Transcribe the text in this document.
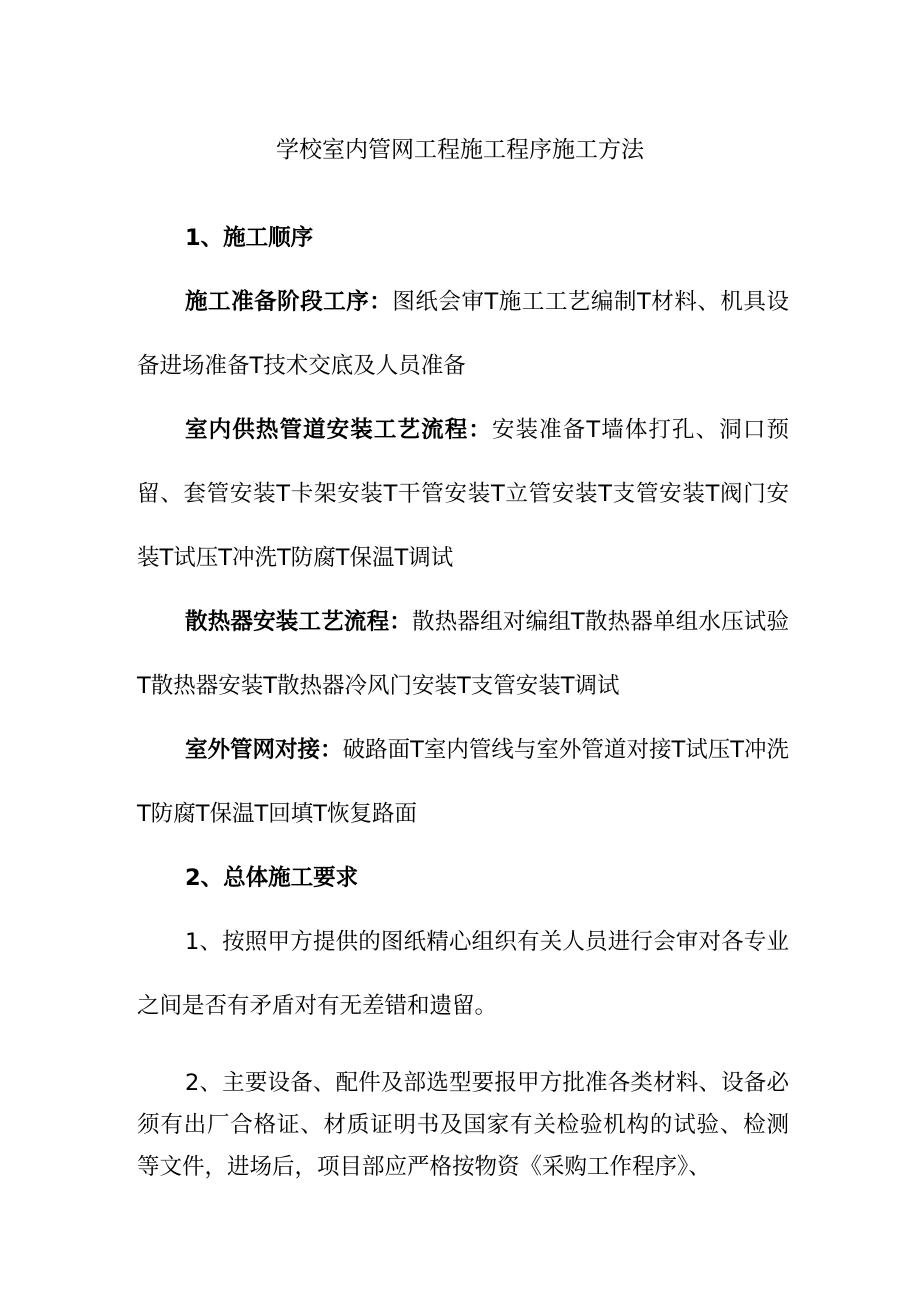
学校室内管网工程施工程序施工方法

1、施工顺序

施工准备阶段工序：图纸会审T施工工艺编制T材料、机具设备进场准备T技术交底及人员准备

室内供热管道安装工艺流程：安装准备T墙体打孔、洞口预留、套管安装T卡架安装T干管安装T立管安装T支管安装T阀门安装T试压T冲洗T防腐T保温T调试

散热器安装工艺流程：散热器组对编组T散热器单组水压试验T散热器安装T散热器冷风门安装T支管安装T调试

室外管网对接：破路面T室内管线与室外管道对接T试压T冲洗T防腐T保温T回填T恢复路面

2、总体施工要求

1、按照甲方提供的图纸精心组织有关人员进行会审对各专业之间是否有矛盾对有无差错和遗留。

2、主要设备、配件及部选型要报甲方批准各类材料、设备必须有出厂合格证、材质证明书及国家有关检验机构的试验、检测等文件，进场后，项目部应严格按物资《采购工作程序》、
